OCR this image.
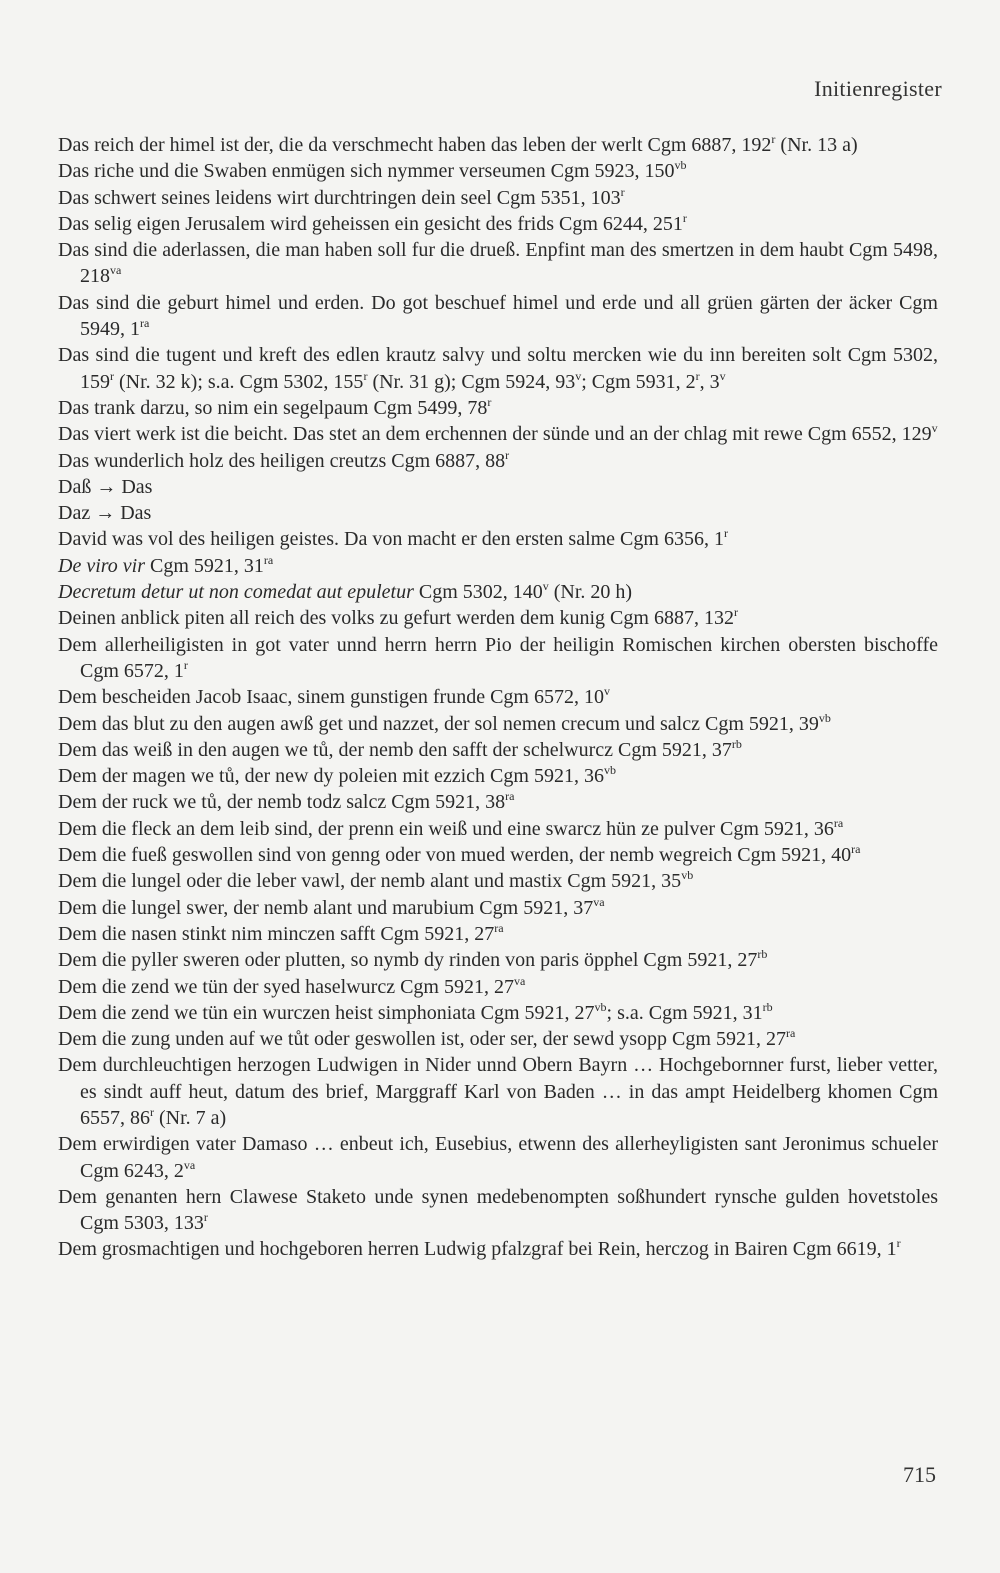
Initienregister
Das reich der himel ist der, die da verschmecht haben das leben der werlt Cgm 6887, 192$^r$ (Nr. 13 a)
Das riche und die Swaben enmügen sich nymmer verseumen Cgm 5923, $150^{vb}$
Das schwert seines leidens wirt durchtringen dein seel Cgm 5351, 103$^r$
Das selig eigen Jerusalem wird geheissen ein gesicht des frids Cgm 6244, 251$^r$
Das sind die aderlassen, die man haben soll fur die drueß. Enpfint man des smertzen in dem haubt Cgm 5498, $218^{va}$
Das sind die geburt himel und erden. Do got beschuef himel und erde und all grüen gärten der äcker Cgm 5949, $1^{ra}$
Das sind die tugent und kreft des edlen krautz salvy und soltu mercken wie du inn bereiten solt Cgm 5302, 159$^r$ (Nr. 32 k); s.a. Cgm 5302, 155$^r$ (Nr. 31 g); Cgm 5924, 93$^v$; Cgm 5931, 2$^r$, 3$^v$
Das trank darzu, so nim ein segelpaum Cgm 5499, 78$^r$
Das viert werk ist die beicht. Das stet an dem erchennen der sünde und an der chlag mit rewe Cgm 6552, 129$^v$
Das wunderlich holz des heiligen creutzs Cgm 6887, 88$^r$
Daß → Das
Daz → Das
David was vol des heiligen geistes. Da von macht er den ersten salme Cgm 6356, 1$^r$
De viro vir Cgm 5921, $31^{ra}$
Decretum detur ut non comedat aut epuletur Cgm 5302, 140$^v$ (Nr. 20 h)
Deinen anblick piten all reich des volks zu gefurt werden dem kunig Cgm 6887, 132$^r$
Dem allerheiligisten in got vater unnd herrn herrn Pio der heiligin Romischen kirchen obersten bischoffe Cgm 6572, 1$^r$
Dem bescheiden Jacob Isaac, sinem gunstigen frunde Cgm 6572, 10$^v$
Dem das blut zu den augen awß get und nazzet, der sol nemen crecum und salcz Cgm 5921, $39^{vb}$
Dem das weiß in den augen we tů, der nemb den safft der schelwurcz Cgm 5921, $37^{rb}$
Dem der magen we tů, der new dy poleien mit ezzich Cgm 5921, $36^{vb}$
Dem der ruck we tů, der nemb todz salcz Cgm 5921, $38^{ra}$
Dem die fleck an dem leib sind, der prenn ein weiß und eine swarcz hün ze pulver Cgm 5921, $36^{ra}$
Dem die fueß geswollen sind von genng oder von mued werden, der nemb wegreich Cgm 5921, $40^{ra}$
Dem die lungel oder die leber vawl, der nemb alant und mastix Cgm 5921, $35^{vb}$
Dem die lungel swer, der nemb alant und marubium Cgm 5921, $37^{va}$
Dem die nasen stinkt nim minczen safft Cgm 5921, $27^{ra}$
Dem die pyller sweren oder plutten, so nymb dy rinden von paris öpphel Cgm 5921, $27^{rb}$
Dem die zend we tün der syed haselwurcz Cgm 5921, $27^{va}$
Dem die zend we tün ein wurczen heist simphoniata Cgm 5921, $27^{vb}$; s.a. Cgm 5921, $31^{rb}$
Dem die zung unden auf we tůt oder geswollen ist, oder ser, der sewd ysopp Cgm 5921, $27^{ra}$
Dem durchleuchtigen herzogen Ludwigen in Nider unnd Obern Bayrn … Hochgebornner furst, lieber vetter, es sindt auff heut, datum des brief, Marggraff Karl von Baden … in das ampt Heidelberg khomen Cgm 6557, 86$^r$ (Nr. 7 a)
Dem erwirdigen vater Damaso … enbeut ich, Eusebius, etwenn des allerheyligisten sant Jeronimus schueler Cgm 6243, $2^{va}$
Dem genanten hern Clawese Staketo unde synen medebenompten soßhundert rynsche gulden hovetstoles Cgm 5303, 133$^r$
Dem grosmachtigen und hochgeboren herren Ludwig pfalzgraf bei Rein, herczog in Bairen Cgm 6619, 1$^r$
715
